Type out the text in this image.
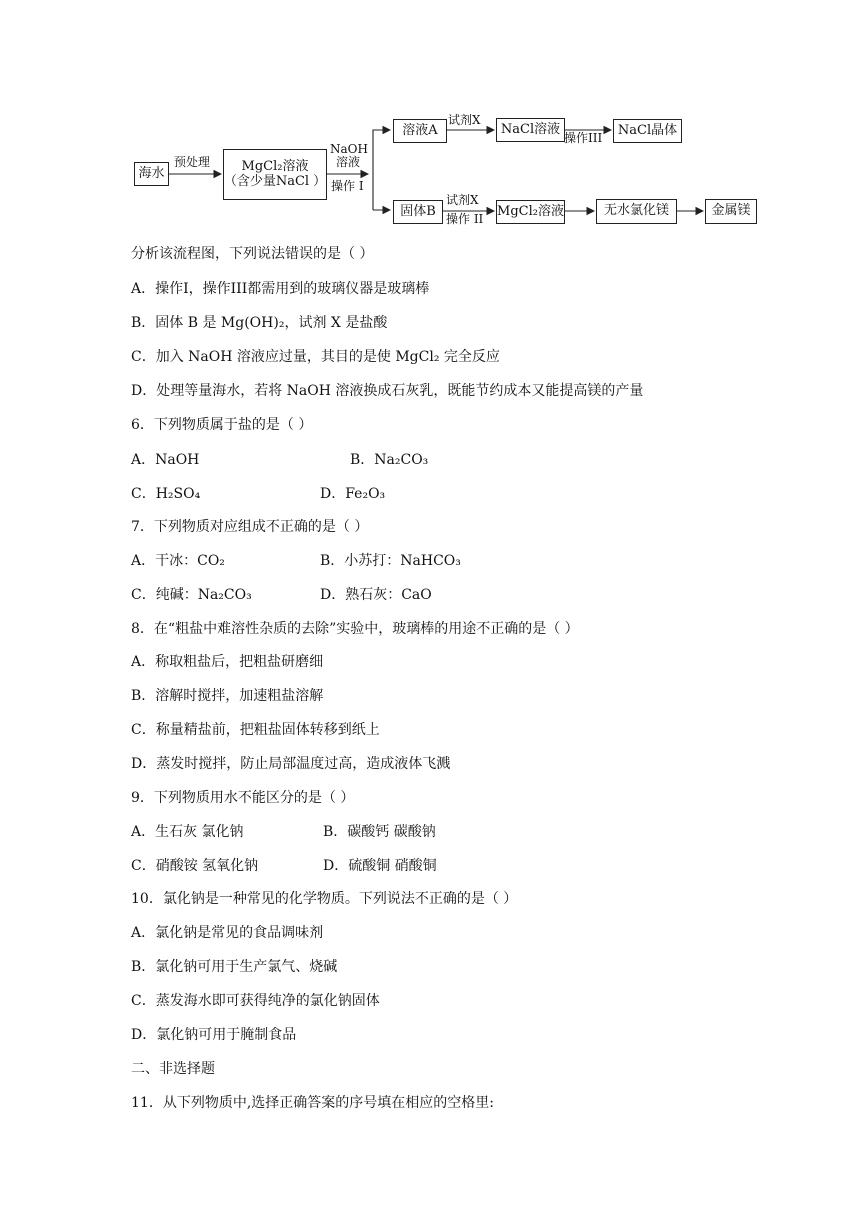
海水
预处理 MgCl₂溶液
（含少量NaCl ）
NaOH
溶液
操作 I
溶液A
试剂X
NaCl溶液
操作III
NaCl晶体
固体B
试剂X
操作 II
MgCl₂溶液	无水氯化镁	金属镁
分析该流程图，下列说法错误的是（ ）
A．操作I，操作III都需用到的玻璃仪器是玻璃棒
B．固体 B 是 Mg(OH)₂，试剂 X 是盐酸
C．加入 NaOH 溶液应过量，其目的是使 MgCl₂ 完全反应
D．处理等量海水，若将 NaOH 溶液换成石灰乳，既能节约成本又能提高镁的产量
6．下列物质属于盐的是（ ）
A．NaOH	B．Na₂CO₃
C．H₂SO₄	D．Fe₂O₃
7．下列物质对应组成不正确的是（ ）
A．干冰：CO₂	B．小苏打：NaHCO₃
C．纯碱：Na₂CO₃	D．熟石灰：CaO
8．在“粗盐中难溶性杂质的去除”实验中，玻璃棒的用途不正确的是（ ）
A．称取粗盐后，把粗盐研磨细
B．溶解时搅拌，加速粗盐溶解
C．称量精盐前，把粗盐固体转移到纸上
D．蒸发时搅拌，防止局部温度过高，造成液体飞溅
9．下列物质用水不能区分的是（ ）
A．生石灰 氯化钠	B．碳酸钙 碳酸钠
C．硝酸铵 氢氧化钠	D．硫酸铜 硝酸铜
10．氯化钠是一种常见的化学物质。下列说法不正确的是（ ）
A．氯化钠是常见的食品调味剂
B．氯化钠可用于生产氯气、烧碱
C．蒸发海水即可获得纯净的氯化钠固体
D．氯化钠可用于腌制食品
二、非选择题
11．从下列物质中,选择正确答案的序号填在相应的空格里:
